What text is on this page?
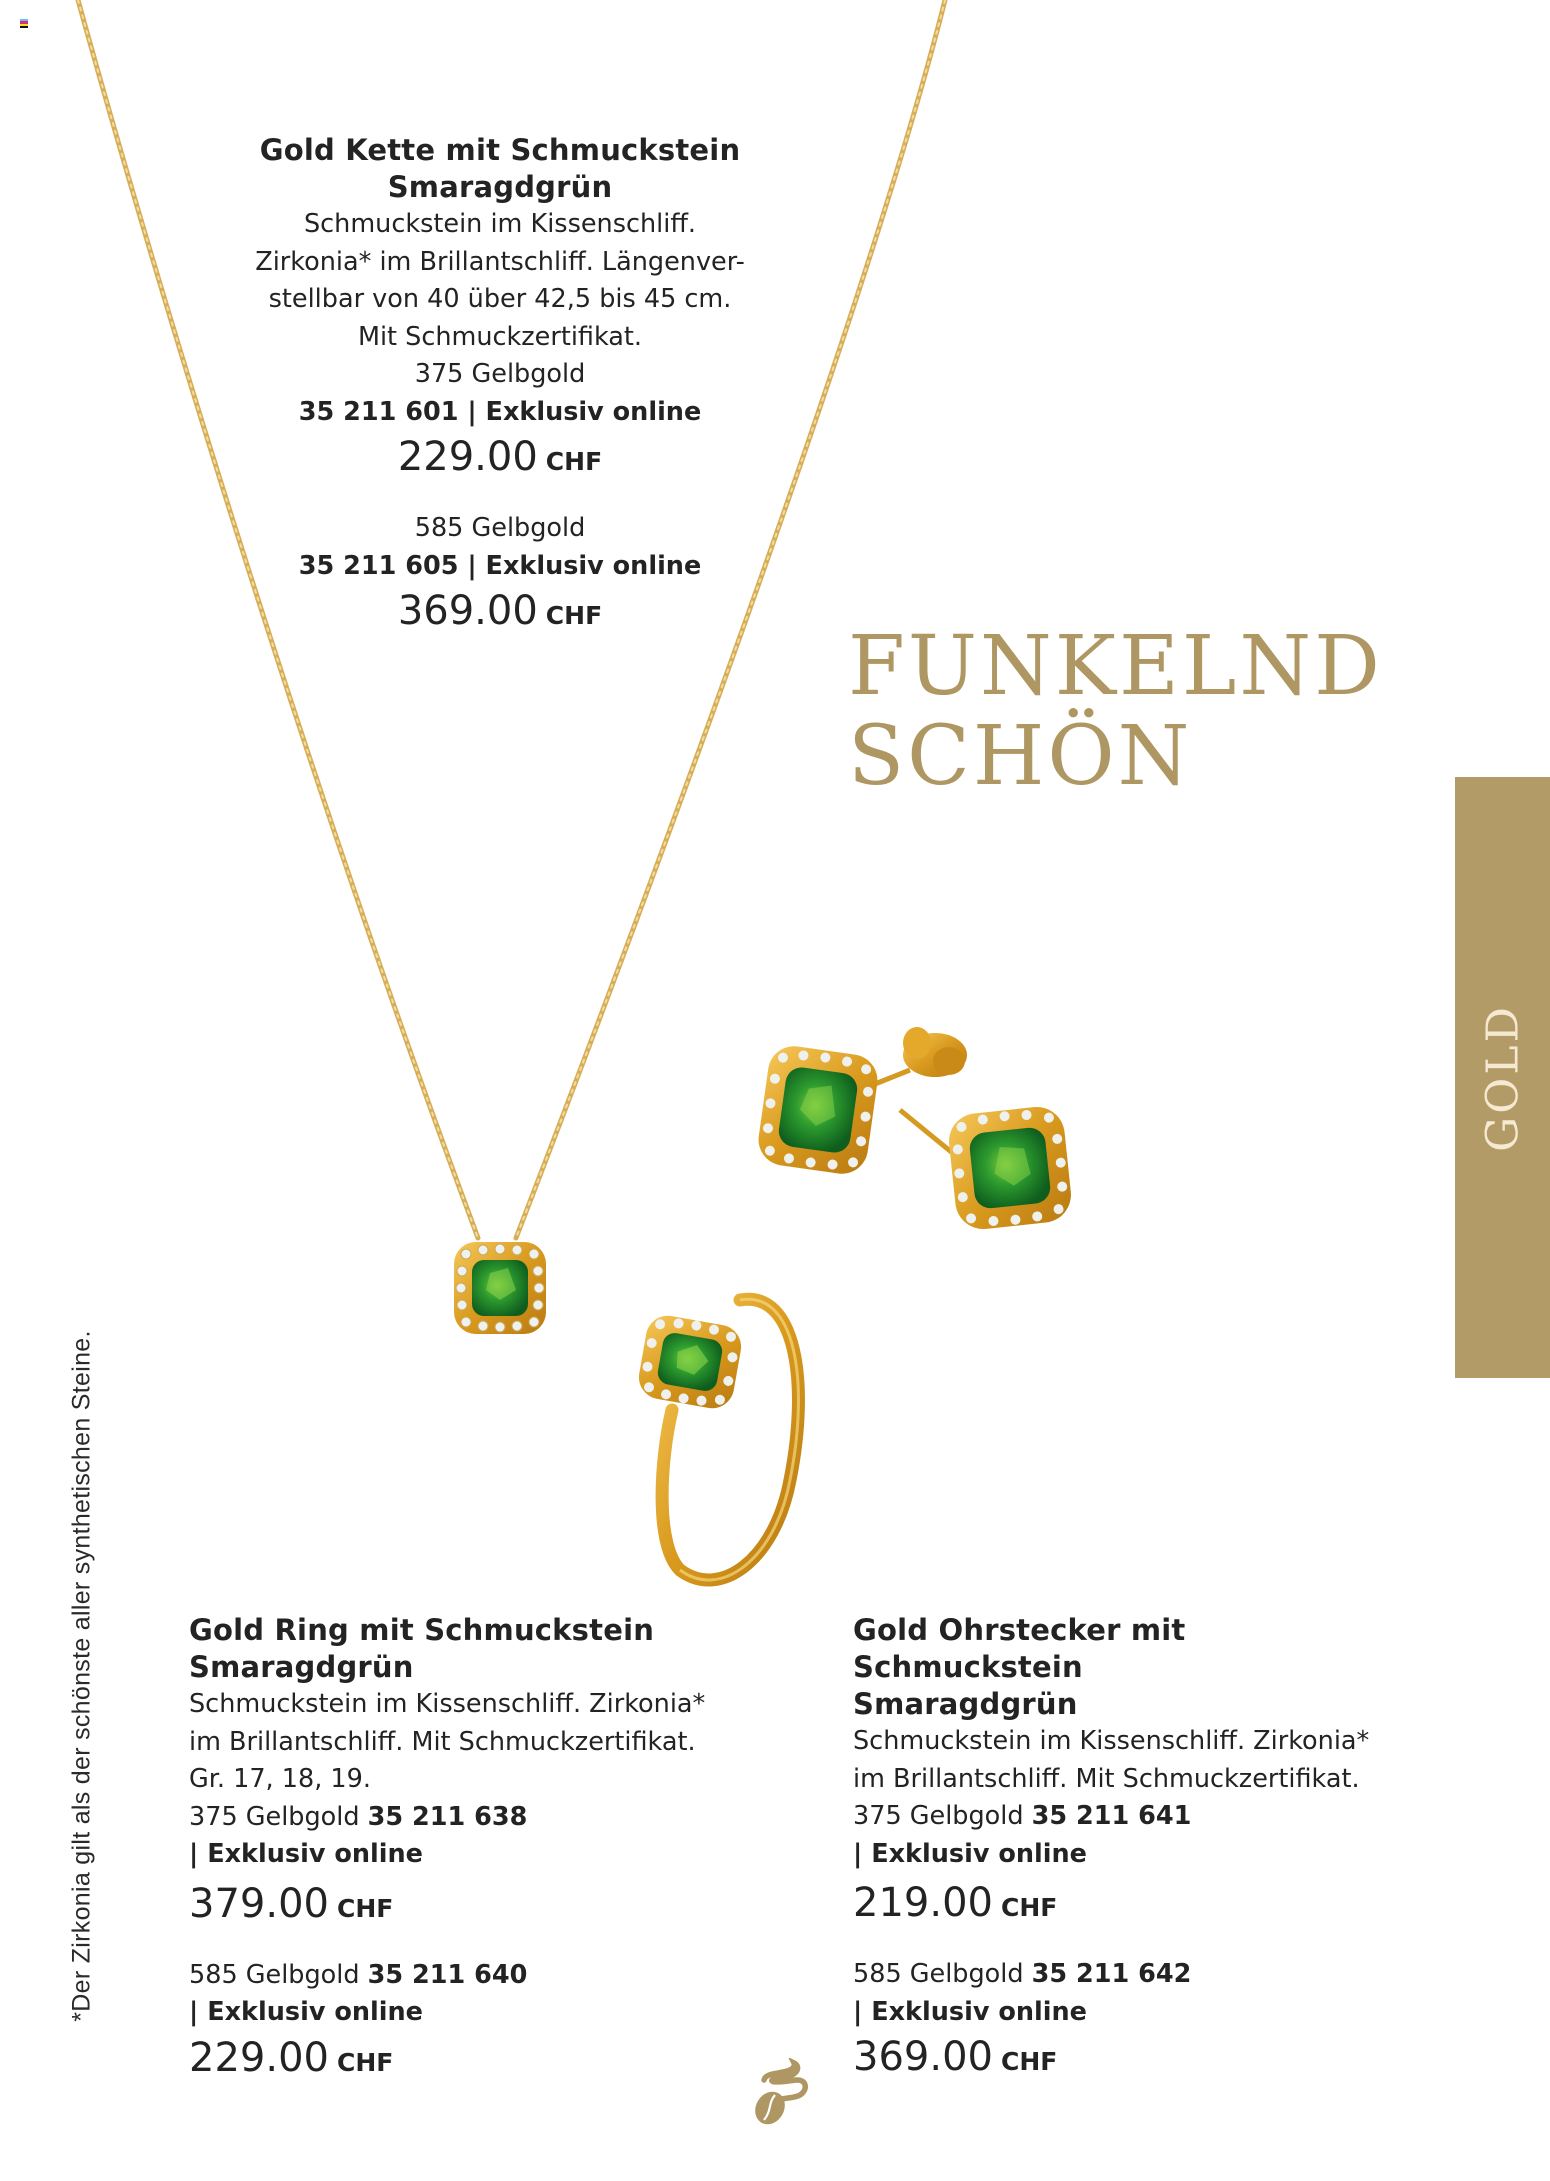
Gold Kette mit Schmuckstein
Smaragdgrün
Schmuckstein im Kissenschliff.
Zirkonia* im Brillantschliff. Längenver-
stellbar von 40 über 42,5 bis 45 cm.
Mit Schmuckzertifikat.
375 Gelbgold
35 211 601 | Exklusiv online
229.00 CHF
585 Gelbgold
35 211 605 | Exklusiv online
369.00 CHF
FUNKELND
SCHÖN
GOLD
Gold Ring mit Schmuckstein
Smaragdgrün
Schmuckstein im Kissenschliff. Zirkonia*
im Brillantschliff. Mit Schmuckzertifikat.
Gr. 17, 18, 19.
375 Gelbgold 35 211 638
| Exklusiv online
379.00 CHF
585 Gelbgold 35 211 640
| Exklusiv online
229.00 CHF
Gold Ohrstecker mit Schmuckstein
Smaragdgrün
Schmuckstein im Kissenschliff. Zirkonia*
im Brillantschliff. Mit Schmuckzertifikat.
375 Gelbgold 35 211 641
| Exklusiv online
219.00 CHF
585 Gelbgold 35 211 642
| Exklusiv online
369.00 CHF
*Der Zirkonia gilt als der schönste aller synthetischen Steine.
